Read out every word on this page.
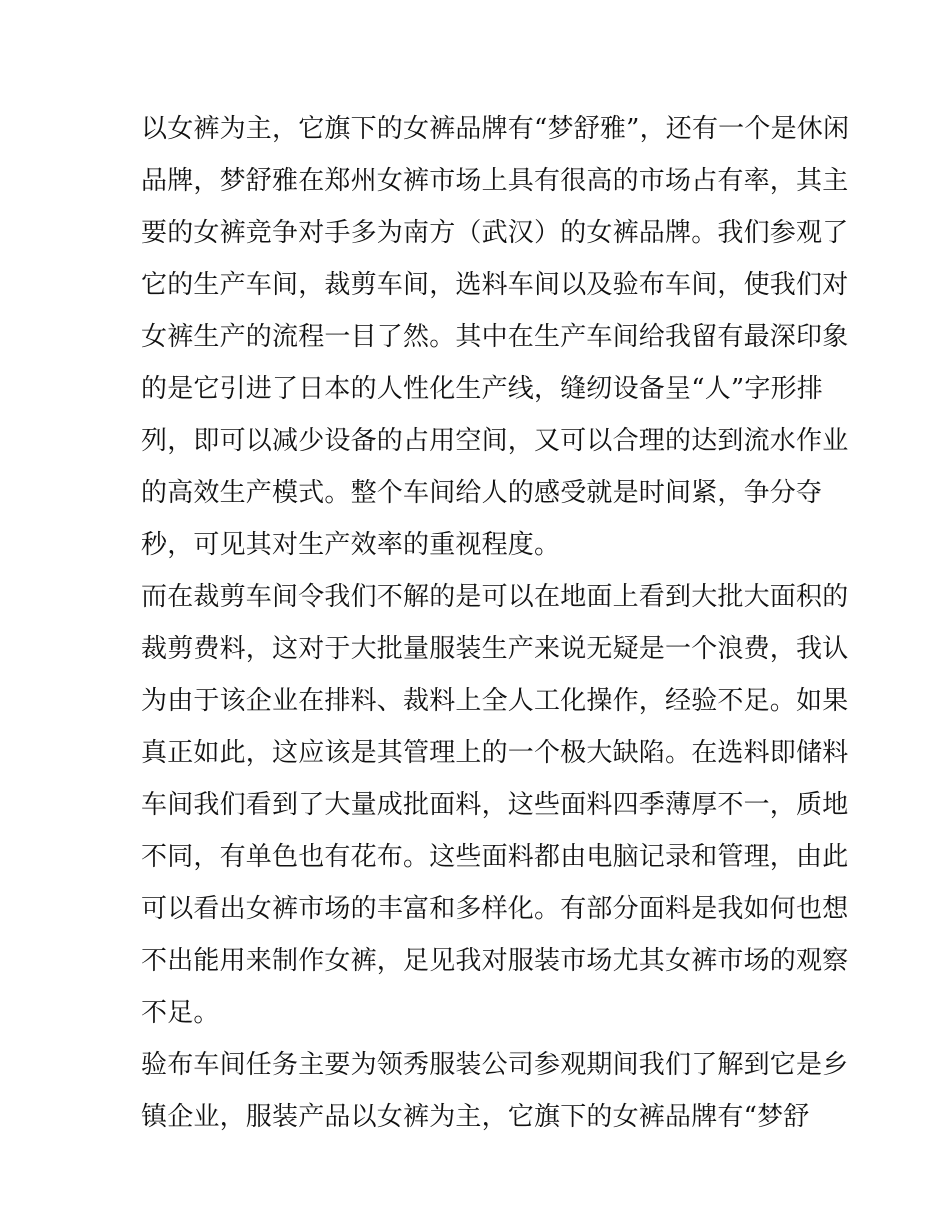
以女裤为主，它旗下的女裤品牌有“梦舒雅”，还有一个是休闲
品牌，梦舒雅在郑州女裤市场上具有很高的市场占有率，其主
要的女裤竞争对手多为南方（武汉）的女裤品牌。我们参观了
它的生产车间，裁剪车间，选料车间以及验布车间，使我们对
女裤生产的流程一目了然。其中在生产车间给我留有最深印象
的是它引进了日本的人性化生产线，缝纫设备呈“人”字形排
列，即可以减少设备的占用空间，又可以合理的达到流水作业
的高效生产模式。整个车间给人的感受就是时间紧，争分夺
秒，可见其对生产效率的重视程度。
而在裁剪车间令我们不解的是可以在地面上看到大批大面积的
裁剪费料，这对于大批量服装生产来说无疑是一个浪费，我认
为由于该企业在排料、裁料上全人工化操作，经验不足。如果
真正如此，这应该是其管理上的一个极大缺陷。在选料即储料
车间我们看到了大量成批面料，这些面料四季薄厚不一，质地
不同，有单色也有花布。这些面料都由电脑记录和管理，由此
可以看出女裤市场的丰富和多样化。有部分面料是我如何也想
不出能用来制作女裤，足见我对服装市场尤其女裤市场的观察
不足。
验布车间任务主要为领秀服装公司参观期间我们了解到它是乡
镇企业，服装产品以女裤为主，它旗下的女裤品牌有“梦舒
